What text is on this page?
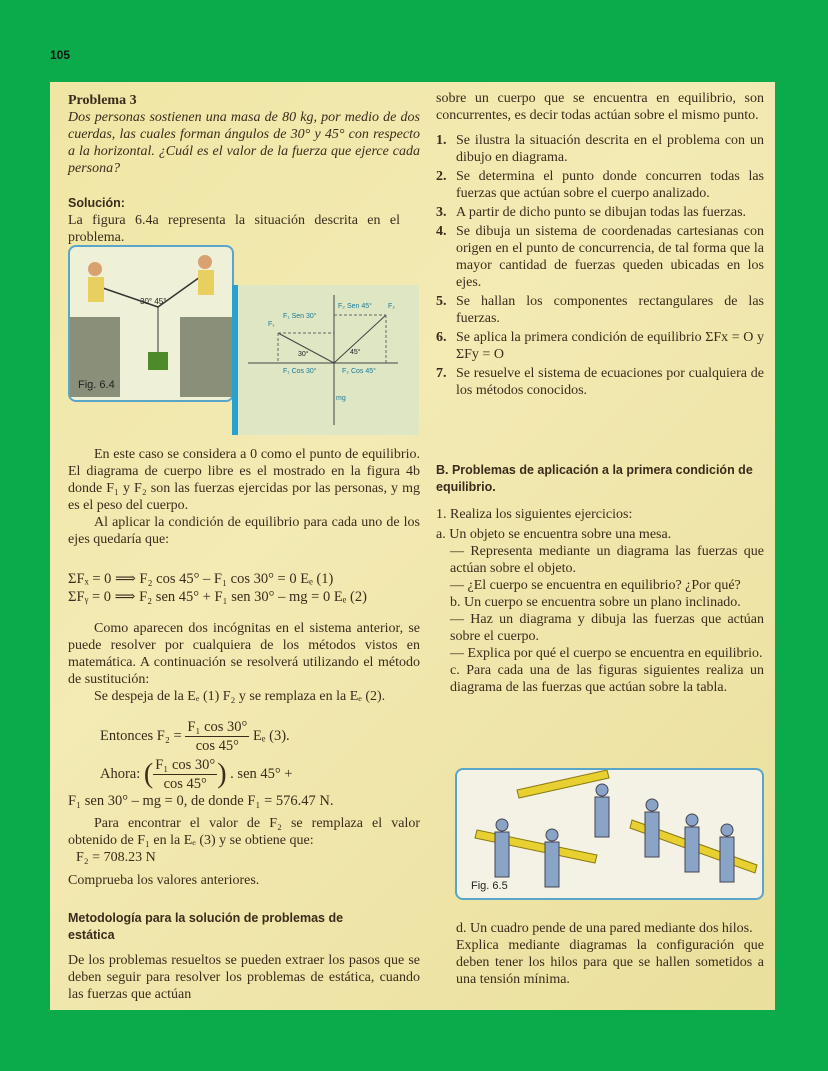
105
Problema 3
Dos personas sostienen una masa de 80 kg, por medio de dos cuerdas, las cuales forman ángulos de 30° y 45° con respecto a la horizontal. ¿Cuál es el valor de la fuerza que ejerce cada persona?
Solución:
La figura 6.4a representa la situación descrita en el problema.
Fig. 6.4
30° 45°
F₁
F₂
F₁ Sen 30°
F₂ Sen 45°
F₁ Cos 30°	F₂ Cos 45°
30°	45°
mg

En este caso se considera a 0 como el punto de equilibrio. El diagrama de cuerpo libre es el mostrado en la figura 4b donde F₁ y F₂ son las fuerzas ejercidas por las personas, y mg es el peso del cuerpo.

Al aplicar la condición de equilibrio para cada uno de los ejes quedaría que:

ΣFₓ = 0 ⟹ F₂ cos 45° – F₁ cos 30° = 0 Eₑ (1)
ΣFᵧ = 0 ⟹ F₂ sen 45° + F₁ sen 30° – mg = 0 Eₑ (2)

Como aparecen dos incógnitas en el sistema anterior, se puede resolver por cualquiera de los métodos vistos en matemática. A continuación se resolverá utilizando el método de sustitución:

Se despeja de la Eₑ (1) F₂ y se remplaza en la Eₑ (2).

Entonces $F_2 = \frac{\text{F₁ cos 30°}}{\cos 45^\circ}$ Eₑ (3).
Ahora: ( $\frac{\text{F₁ cos 30°}}{\cos 45^\circ}$ ) . sen 45° +
F₁ sen 30° – mg = 0, de donde F₁ = 576.47 N.

Para encontrar el valor de F₂ se remplaza el valor obtenido de F₁ en la Eₑ (3) y se obtiene que:

F₂ = 708.23 N

Comprueba los valores anteriores.

Metodología para la solución de problemas de estática

De los problemas resueltos se pueden extraer los pasos que se deben seguir para resolver los problemas de estática, cuando las fuerzas que actúan

sobre un cuerpo que se encuentra en equilibrio, son concurrentes, es decir todas actúan sobre el mismo punto.

1. Se ilustra la situación descrita en el problema con un dibujo en diagrama.
2. Se determina el punto donde concurren todas las fuerzas que actúan sobre el cuerpo analizado.
3. A partir de dicho punto se dibujan todas las fuerzas.
4. Se dibuja un sistema de coordenadas cartesianas con origen en el punto de concurrencia, de tal forma que la mayor cantidad de fuerzas queden ubicadas en los ejes.
5. Se hallan los componentes rectangulares de las fuerzas.
6. Se aplica la primera condición de equilibrio ΣFx = O y ΣFy = O
7. Se resuelve el sistema de ecuaciones por cualquiera de los métodos conocidos.
B. Problemas de aplicación a la primera condición de equilibrio.

1. Realiza los siguientes ejercicios:

a. Un objeto se encuentra sobre una mesa.

— Representa mediante un diagrama las fuerzas que actúan sobre el objeto.

— ¿El cuerpo se encuentra en equilibrio? ¿Por qué?

b. Un cuerpo se encuentra sobre un plano inclinado.

— Haz un diagrama y dibuja las fuerzas que actúan sobre el cuerpo.

— Explica por qué el cuerpo se encuentra en equilibrio.

c. Para cada una de las figuras siguientes realiza un diagrama de las fuerzas que actúan sobre la tabla.

Fig. 6.5

d. Un cuadro pende de una pared mediante dos hilos.

Explica mediante diagramas la configuración que deben tener los hilos para que se hallen sometidos a una tensión mínima.
